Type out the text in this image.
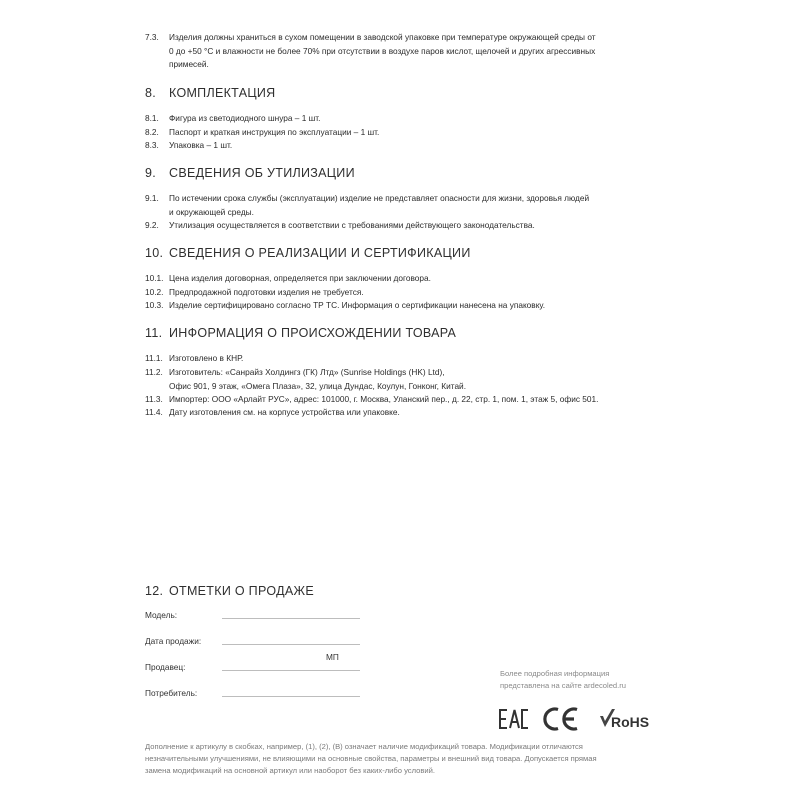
7.3. Изделия должны храниться в сухом помещении в заводской упаковке при температуре окружающей среды от
0 до +50 °С и влажности не более 70% при отсутствии в воздухе паров кислот, щелочей и других агрессивных
примесей.
8. КОМПЛЕКТАЦИЯ
8.1. Фигура из светодиодного шнура – 1 шт.
8.2. Паспорт и краткая инструкция по эксплуатации – 1 шт.
8.3. Упаковка – 1 шт.
9. СВЕДЕНИЯ ОБ УТИЛИЗАЦИИ
9.1. По истечении срока службы (эксплуатации) изделие не представляет опасности для жизни, здоровья людей
и окружающей среды.
9.2. Утилизация осуществляется в соответствии с требованиями действующего законодательства.
10. СВЕДЕНИЯ О РЕАЛИЗАЦИИ И СЕРТИФИКАЦИИ
10.1. Цена изделия договорная, определяется при заключении договора.
10.2. Предпродажной подготовки изделия не требуется.
10.3. Изделие сертифицировано согласно ТР ТС. Информация о сертификации нанесена на упаковку.
11. ИНФОРМАЦИЯ О ПРОИСХОЖДЕНИИ ТОВАРА
11.1. Изготовлено в КНР.
11.2. Изготовитель: «Санрайз Холдингз (ГК) Лтд» (Sunrise Holdings (HK) Ltd),
Офис 901, 9 этаж, «Омега Плаза», 32, улица Дундас, Коулун, Гонконг, Китай.
11.3. Импортер: ООО «Арлайт РУС», адрес: 101000, г. Москва, Уланский пер., д. 22, стр. 1, пом. 1, этаж 5, офис 501.
11.4. Дату изготовления см. на корпусе устройства или упаковке.
12. ОТМЕТКИ О ПРОДАЖЕ
Модель:
Дата продажи:
МП
Продавец:
Потребитель:
Более подробная информация
представлена на сайте ardecoled.ru
RoHS
Дополнение к артикулу в скобках, например, (1), (2), (B) означает наличие модификаций товара. Модификации отличаются
незначительными улучшениями, не влияющими на основные свойства, параметры и внешний вид товара. Допускается прямая
замена модификаций на основной артикул или наоборот без каких-либо условий.
